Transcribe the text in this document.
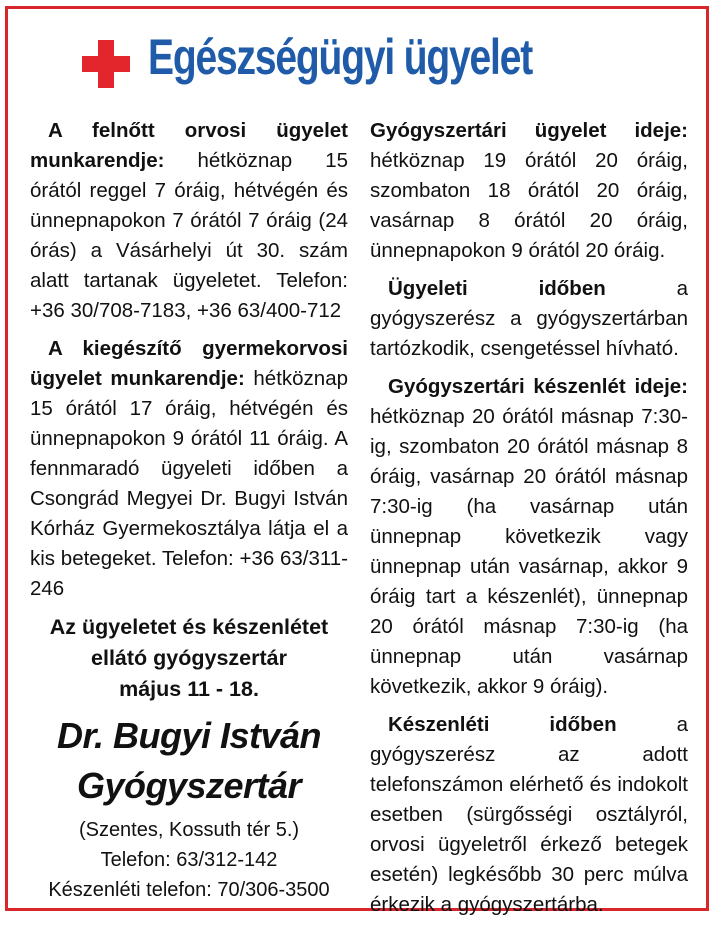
Egészségügyi ügyelet

A felnőtt orvosi ügyelet munkarendje: hétköznap 15 órától reggel 7 óráig, hétvégén és ünnepnapokon 7 órától 7 óráig (24 órás) a Vásárhelyi út 30. szám alatt tartanak ügyeletet. Telefon: +36 30/708-7183, +36 63/400-712

A kiegészítő gyermekorvosi ügyelet munkarendje: hétköznap 15 órától 17 óráig, hétvégén és ünnepnapokon 9 órától 11 óráig. A fennmaradó ügyeleti időben a Csongrád Megyei Dr. Bugyi István Kórház Gyermekosztálya látja el a kis betegeket. Telefon: +36 63/311-246

Az ügyeletet és készenlétet
ellátó gyógyszertár
május 11 - 18.
Dr. Bugyi István
Gyógyszertár
(Szentes, Kossuth tér 5.)
Telefon: 63/312-142
Készenléti telefon: 70/306-3500

Gyógyszertári ügyelet ideje: hétköznap 19 órától 20 óráig, szombaton 18 órától 20 óráig, vasárnap 8 órától 20 óráig, ünnepnapokon 9 órától 20 óráig.

Ügyeleti időben a gyógyszerész a gyógyszertárban tartózkodik, csengetéssel hívható.

Gyógyszertári készenlét ideje: hétköznap 20 órától másnap 7:30-ig, szombaton 20 órától másnap 8 óráig, vasárnap 20 órától másnap 7:30-ig (ha vasárnap után ünnepnap következik vagy ünnepnap után vasárnap, akkor 9 óráig tart a készenlét), ünnepnap 20 órától másnap 7:30-ig (ha ünnepnap után vasárnap következik, akkor 9 óráig).

Készenléti időben a gyógyszerész az adott telefonszámon elérhető és indokolt esetben (sürgősségi osztályról, orvosi ügyeletről érkező betegek esetén) legkésőbb 30 perc múlva érkezik a gyógyszertárba.
